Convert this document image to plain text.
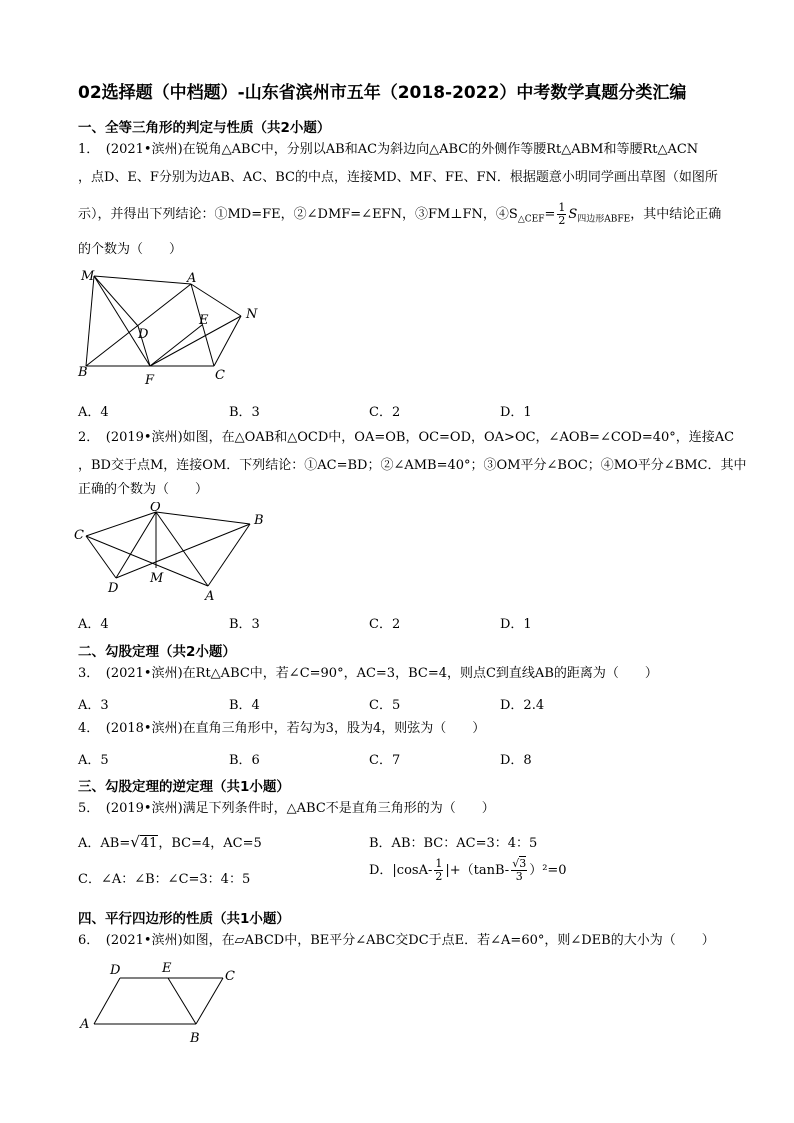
02选择题（中档题）-山东省滨州市五年（2018-2022）中考数学真题分类汇编
一、全等三角形的判定与性质（共2小题）
1．　(2021•滨州)在锐角△ABC中，分别以AB和AC为斜边向△ABC的外侧作等腰Rt△ABM和等腰Rt△ACN
，点D、E、F分别为边AB、AC、BC的中点，连接MD、MF、FE、FN．根据题意小明同学画出草图（如图所
示），并得出下列结论：①MD=FE，②∠DMF=∠EFN，③FM⊥FN，$④S_{\triangle CEF}= \frac{1}{2} S_{四边形ABFE}$，其中结论正确
的个数为（　　）
M	A
N
D
E
B
F	C
A．4	B．3	C．2	D．1
2．　(2019•滨州)如图，在△OAB和△OCD中，OA=OB，OC=OD，OA>OC，∠AOB=∠COD=40°，连接AC
，BD交于点M，连接OM．下列结论：①AC=BD；②∠AMB=40°；③OM平分∠BOC；④MO平分∠BMC．其中
正确的个数为（　　）
O
C
B
D
M
A
A．4	B．3	C．2	D．1
二、勾股定理（共2小题）
3．　(2021•滨州)在Rt△ABC中，若∠C=90°，AC=3，BC=4，则点C到直线AB的距离为（　　）
A．3	B．4	C．5	D．2.4
4．　(2018•滨州)在直角三角形中，若勾为3，股为4，则弦为（　　）
A．5	B．6	C．7	D．8
三、勾股定理的逆定理（共1小题）
5．　(2019•滨州)满足下列条件时，△ABC不是直角三角形的为（　　）
A．AB=√41，BC=4，AC=5	B．AB：BC：AC=3：4：5
C．∠A：∠B：∠C=3：4：5
D．$|\cos A- \frac{1}{2} |+(\tan B- \frac{√3}{3} )^2=0$
四、平行四边形的性质（共1小题）
6．　(2021•滨州)如图，在▱ABCD中，BE平分∠ABC交DC于点E．若∠A=60°，则∠DEB的大小为（　　）
D	E
C
A
B
